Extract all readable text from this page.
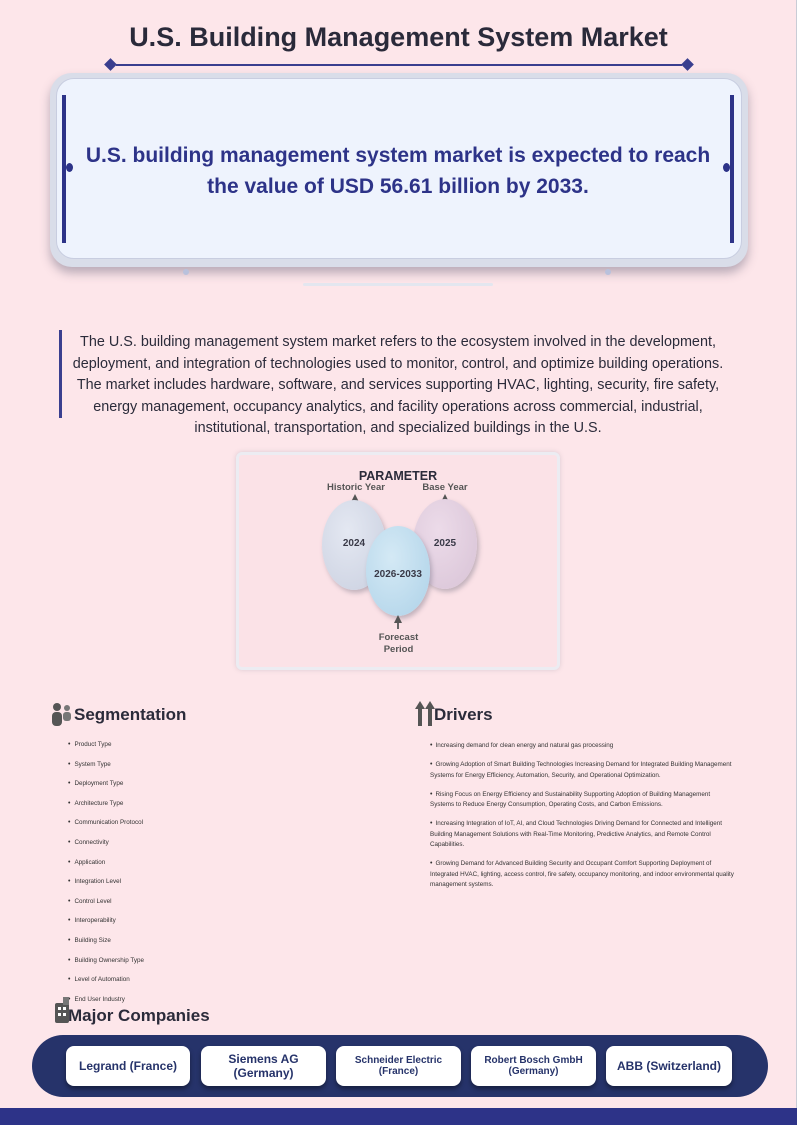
U.S. Building Management System Market

U.S. building management system market is expected to reach the value of USD 56.61 billion by 2033.

The U.S. building management system market refers to the ecosystem involved in the development, deployment, and integration of technologies used to monitor, control, and optimize building operations. The market includes hardware, software, and services supporting HVAC, lighting, security, fire safety, energy management, occupancy analytics, and facility operations across commercial, industrial, institutional, transportation, and specialized buildings in the U.S.

PARAMETER
Historic Year	Base Year
2024	2025
2026-2033
Forecast
Period
Segmentation
• Product Type
• System Type
• Deployment Type
• Architecture Type
• Communication Protocol
• Connectivity
• Application
• Integration Level
• Control Level
• Interoperability
• Building Size
• Building Ownership Type
• Level of Automation
• End User Industry
Drivers
• Increasing demand for clean energy and natural gas processing
• Growing Adoption of Smart Building Technologies Increasing Demand for Integrated Building Management Systems for Energy Efficiency, Automation, Security, and Operational Optimization.
• Rising Focus on Energy Efficiency and Sustainability Supporting Adoption of Building Management Systems to Reduce Energy Consumption, Operating Costs, and Carbon Emissions.
• Increasing Integration of IoT, AI, and Cloud Technologies Driving Demand for Connected and Intelligent Building Management Solutions with Real-Time Monitoring, Predictive Analytics, and Remote Control Capabilities.
• Growing Demand for Advanced Building Security and Occupant Comfort Supporting Deployment of Integrated HVAC, lighting, access control, fire safety, occupancy monitoring, and indoor environmental quality management systems.
Major Companies
Legrand (France)	Siemens AG (Germany)
Schneider Electric (France)
Robert Bosch GmbH (Germany)	ABB (Switzerland)
